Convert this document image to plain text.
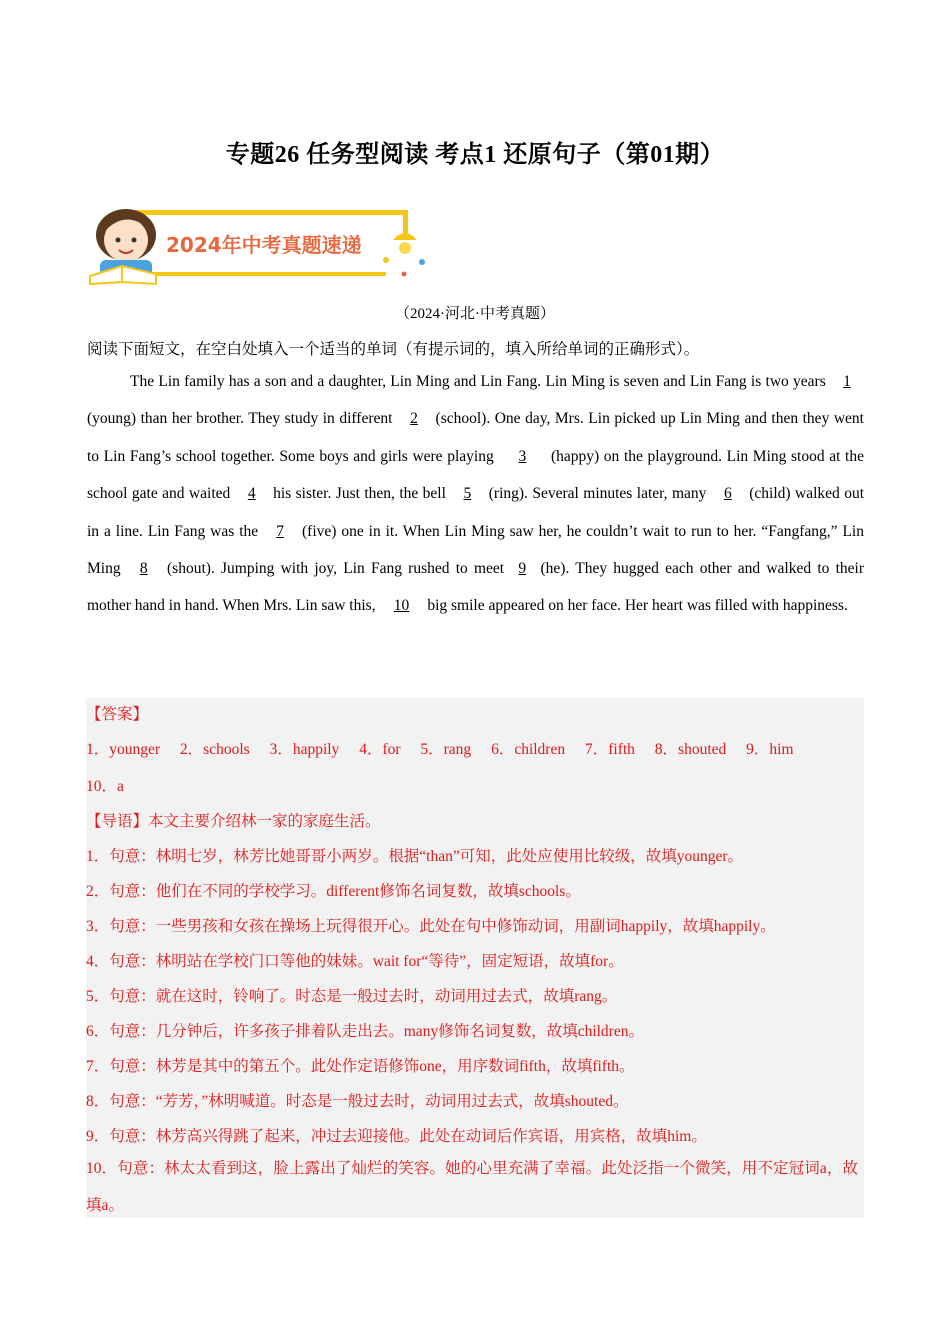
专题26 任务型阅读 考点1 还原句子（第01期）
2024年中考真题速递
（2024·河北·中考真题）
阅读下面短文，在空白处填入一个适当的单词（有提示词的，填入所给单词的正确形式）。

The Lin family has a son and a daughter, Lin Ming and Lin Fang. Lin Ming is seven and Lin Fang is two years 1 (young) than her brother. They study in different 2 (school). One day, Mrs. Lin picked up Lin Ming and then they went to Lin Fang’s school together. Some boys and girls were playing 3 (happy) on the playground. Lin Ming stood at the school gate and waited 4 his sister. Just then, the bell 5 (ring). Several minutes later, many 6 (child) walked out in a line. Lin Fang was the 7 (five) one in it. When Lin Ming saw her, he couldn’t wait to run to her. “Fangfang,” Lin Ming 8 (shout). Jumping with joy, Lin Fang rushed to meet 9 (he). They hugged each other and walked to their mother hand in hand. When Mrs. Lin saw this, 10 big smile appeared on her face. Her heart was filled with happiness.

【答案】
1．younger 2．schools 3．happily 4．for 5．rang 6．children 7．fifth 8．shouted 9．him
10．a
【导语】本文主要介绍林一家的家庭生活。
1．句意：林明七岁，林芳比她哥哥小两岁。根据“than”可知，此处应使用比较级，故填younger。
2．句意：他们在不同的学校学习。different修饰名词复数，故填schools。
3．句意：一些男孩和女孩在操场上玩得很开心。此处在句中修饰动词，用副词happily，故填happily。
4．句意：林明站在学校门口等他的妹妹。wait for“等待”，固定短语，故填for。
5．句意：就在这时，铃响了。时态是一般过去时，动词用过去式，故填rang。
6．句意：几分钟后，许多孩子排着队走出去。many修饰名词复数，故填children。
7．句意：林芳是其中的第五个。此处作定语修饰one，用序数词fifth，故填fifth。
8．句意：“芳芳，”林明喊道。时态是一般过去时，动词用过去式，故填shouted。
9．句意：林芳高兴得跳了起来，冲过去迎接他。此处在动词后作宾语，用宾格，故填him。
10．句意：林太太看到这，脸上露出了灿烂的笑容。她的心里充满了幸福。此处泛指一个微笑，用不定冠词a，故填a。
